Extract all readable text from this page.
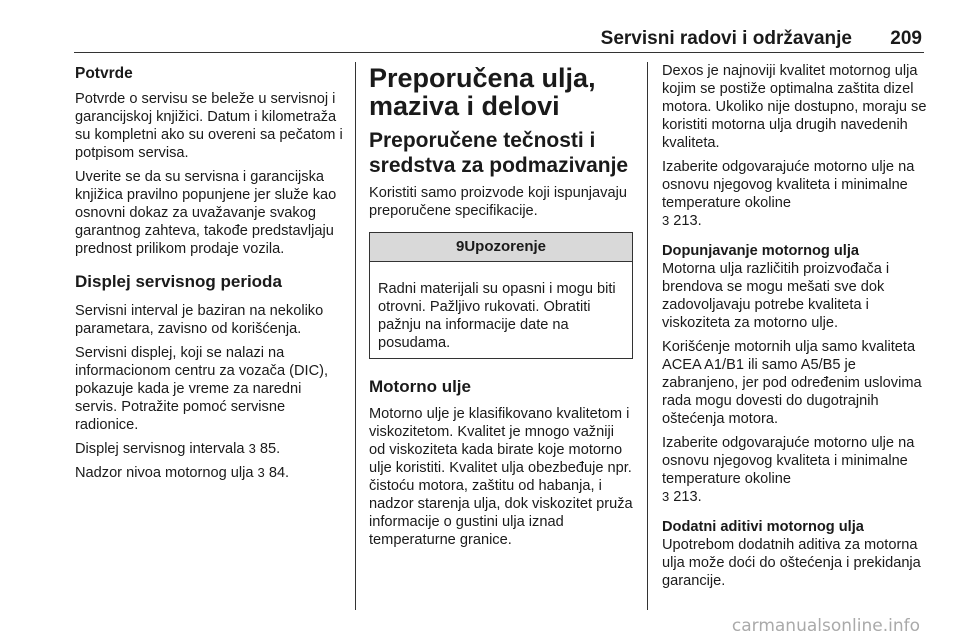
Servisni radovi i održavanje 209
Potvrde

Potvrde o servisu se beleže u servisnoj i garancijskoj knjižici. Datum i kilometraža su kompletni ako su overeni sa pečatom i potpisom servisa.

Uverite se da su servisna i garancijska knjižica pravilno popunjene jer služe kao osnovni dokaz za uvažavanje svakog garantnog zahteva, takođe predstavljaju prednost prilikom prodaje vozila.

Displej servisnog perioda

Servisni interval je baziran na nekoliko parametara, zavisno od korišćenja.

Servisni displej, koji se nalazi na informacionom centru za vozača (DIC), pokazuje kada je vreme za naredni servis. Potražite pomoć servisne radionice.

Displej servisnog intervala 3 85.

Nadzor nivoa motornog ulja 3 84.

Preporučena ulja, maziva i delovi
Preporučene tečnosti i sredstva za podmazivanje

Koristiti samo proizvode koji ispunjavaju preporučene specifikacije.

9Upozorenje

Radni materijali su opasni i mogu biti otrovni. Pažljivo rukovati. Obratiti pažnju na informacije date na posudama.

Motorno ulje

Motorno ulje je klasifikovano kvalitetom i viskozitetom. Kvalitet je mnogo važniji od viskoziteta kada birate koje motorno ulje koristiti. Kvalitet ulja obezbeđuje npr. čistoću motora, zaštitu od habanja, i nadzor starenja ulja, dok viskozitet pruža informacije o gustini ulja iznad temperaturne granice.

Dexos je najnoviji kvalitet motornog ulja kojim se postiže optimalna zaštita dizel motora. Ukoliko nije dostupno, moraju se koristiti motorna ulja drugih navedenih kvaliteta.

Izaberite odgovarajuće motorno ulje na osnovu njegovog kvaliteta i minimalne temperature okoline
3 213.

Dopunjavanje motornog ulja

Motorna ulja različitih proizvođača i brendova se mogu mešati sve dok zadovoljavaju potrebe kvaliteta i viskoziteta za motorno ulje.

Korišćenje motornih ulja samo kvaliteta ACEA A1/B1 ili samo A5/B5 je zabranjeno, jer pod određenim uslovima rada mogu dovesti do dugotrajnih oštećenja motora.

Izaberite odgovarajuće motorno ulje na osnovu njegovog kvaliteta i minimalne temperature okoline
3 213.

Dodatni aditivi motornog ulja

Upotrebom dodatnih aditiva za motorna ulja može doći do oštećenja i prekidanja garancije.

carmanualsonline.info
